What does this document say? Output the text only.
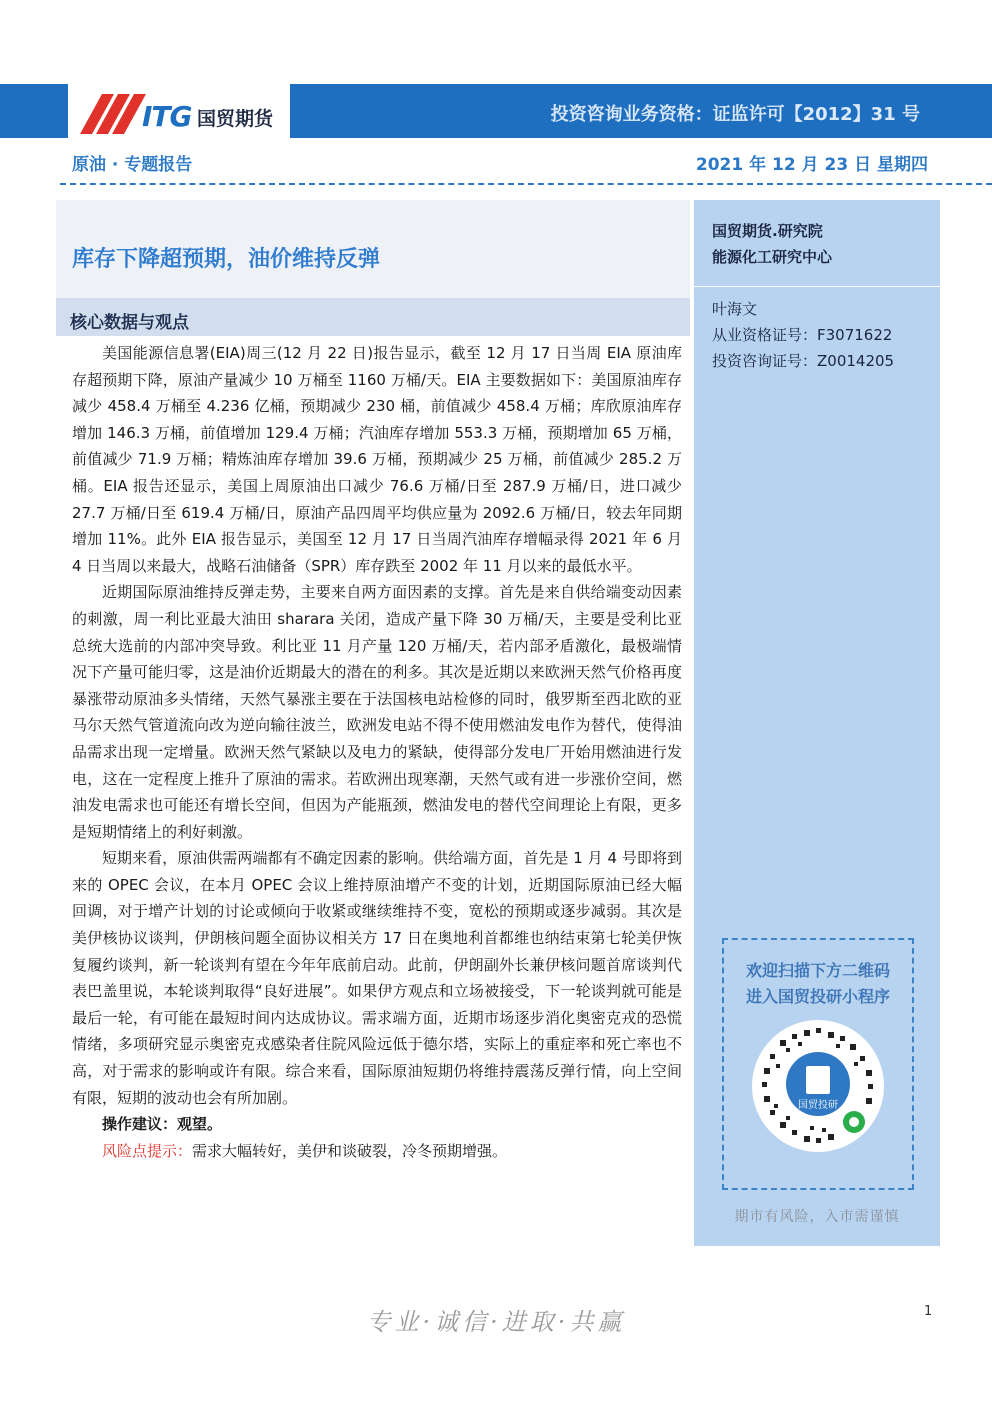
ITG 国贸期货	投资咨询业务资格：证监许可【2012】31 号
原油 · 专题报告	2021 年 12 月 23 日 星期四
库存下降超预期，油价维持反弹
核心数据与观点

美国能源信息署(EIA)周三(12 月 22 日)报告显示，截至 12 月 17 日当周 EIA 原油库存超预期下降，原油产量减少 10 万桶至 1160 万桶/天。EIA 主要数据如下：美国原油库存减少 458.4 万桶至 4.236 亿桶，预期减少 230 桶，前值减少 458.4 万桶；库欣原油库存增加 146.3 万桶，前值增加 129.4 万桶；汽油库存增加 553.3 万桶，预期增加 65 万桶，前值减少 71.9 万桶；精炼油库存增加 39.6 万桶，预期减少 25 万桶，前值减少 285.2 万桶。EIA 报告还显示，美国上周原油出口减少 76.6 万桶/日至 287.9 万桶/日，进口减少 27.7 万桶/日至 619.4 万桶/日，原油产品四周平均供应量为 2092.6 万桶/日，较去年同期增加 11%。此外 EIA 报告显示，美国至 12 月 17 日当周汽油库存增幅录得 2021 年 6 月 4 日当周以来最大，战略石油储备（SPR）库存跌至 2002 年 11 月以来的最低水平。

近期国际原油维持反弹走势，主要来自两方面因素的支撑。首先是来自供给端变动因素的刺激，周一利比亚最大油田 sharara 关闭，造成产量下降 30 万桶/天，主要是受利比亚总统大选前的内部冲突导致。利比亚 11 月产量 120 万桶/天，若内部矛盾激化，最极端情况下产量可能归零，这是油价近期最大的潜在的利多。其次是近期以来欧洲天然气价格再度暴涨带动原油多头情绪，天然气暴涨主要在于法国核电站检修的同时，俄罗斯至西北欧的亚马尔天然气管道流向改为逆向输往波兰，欧洲发电站不得不使用燃油发电作为替代，使得油品需求出现一定增量。欧洲天然气紧缺以及电力的紧缺，使得部分发电厂开始用燃油进行发电，这在一定程度上推升了原油的需求。若欧洲出现寒潮，天然气或有进一步涨价空间，燃油发电需求也可能还有增长空间，但因为产能瓶颈，燃油发电的替代空间理论上有限，更多是短期情绪上的利好刺激。

短期来看，原油供需两端都有不确定因素的影响。供给端方面，首先是 1 月 4 号即将到来的 OPEC 会议，在本月 OPEC 会议上维持原油增产不变的计划，近期国际原油已经大幅回调，对于增产计划的讨论或倾向于收紧或继续维持不变，宽松的预期或逐步减弱。其次是美伊核协议谈判，伊朗核问题全面协议相关方 17 日在奥地利首都维也纳结束第七轮美伊恢复履约谈判，新一轮谈判有望在今年年底前启动。此前，伊朗副外长兼伊核问题首席谈判代表巴盖里说，本轮谈判取得“良好进展”。如果伊方观点和立场被接受，下一轮谈判就可能是最后一轮，有可能在最短时间内达成协议。需求端方面，近期市场逐步消化奥密克戎的恐慌情绪，多项研究显示奥密克戎感染者住院风险远低于德尔塔，实际上的重症率和死亡率也不高，对于需求的影响或许有限。综合来看，国际原油短期仍将维持震荡反弹行情，向上空间有限，短期的波动也会有所加剧。

操作建议：观望。

风险点提示：需求大幅转好，美伊和谈破裂，冷冬预期增强。

国贸期货.研究院
能源化工研究中心
叶海文
从业资格证号：F3071622
投资咨询证号：Z0014205
欢迎扫描下方二维码
进入国贸投研小程序
国贸投研
期市有风险，入市需谨慎
专业·诚信·进取·共赢	1
